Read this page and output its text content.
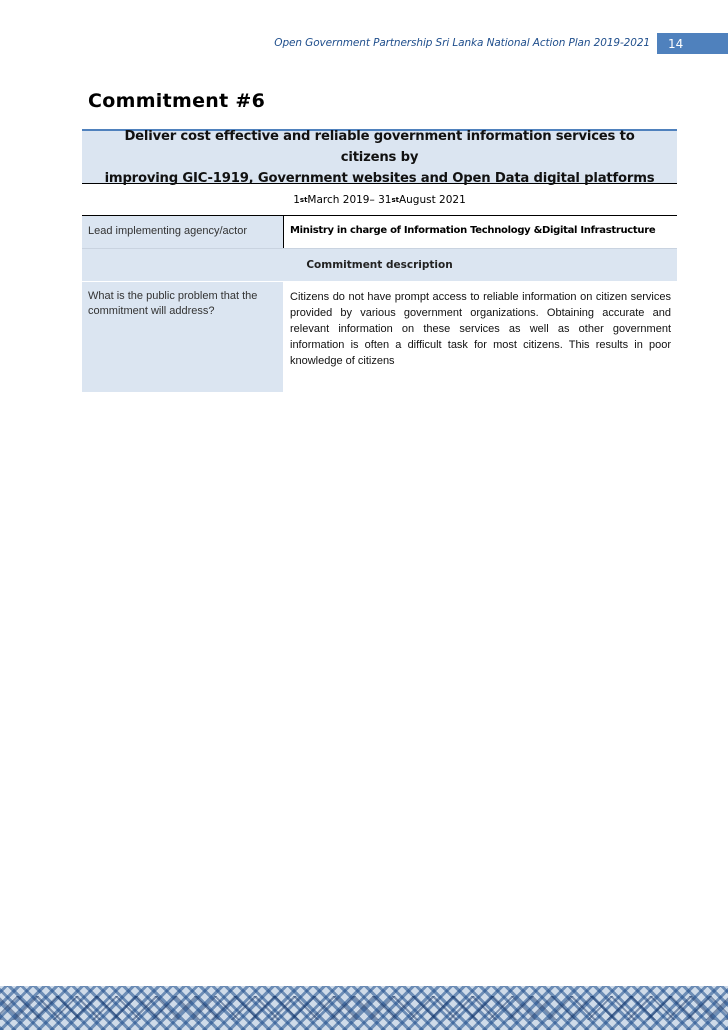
Open Government Partnership Sri Lanka National Action Plan 2019-2021	14
Commitment #6
Deliver cost effective and reliable government information services to citizens by
improving GIC-1919, Government websites and Open Data digital platforms
1 st March 2019– 31 st August 2021
Lead implementing agency/actor	Ministry in charge of Information Technology &Digital Infrastructure
Commitment description
What is the public problem that the commitment will address?
Citizens do not have prompt access to reliable information on citizen services provided by various government organizations. Obtaining accurate and relevant information on these services as well as other government information is often a difficult task for most citizens. This results in poor knowledge of citizens
